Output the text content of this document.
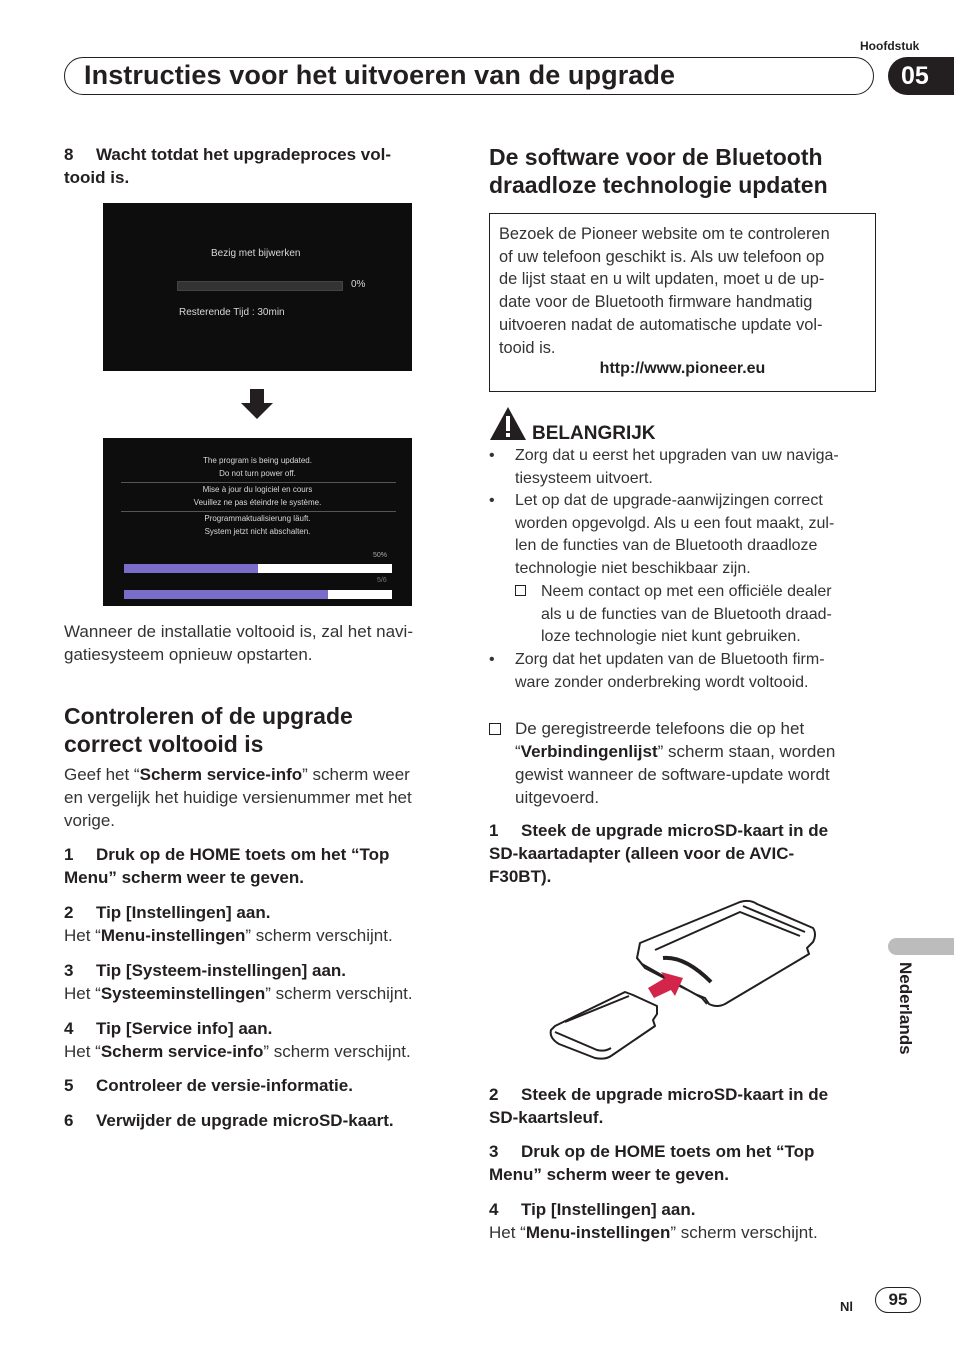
Hoofdstuk
Instructies voor het uitvoeren van de upgrade	05
8 Wacht totdat het upgradeproces vol-
tooid is.
Bezig met bijwerken
0%
Resterende Tijd : 30min
The program is being updated.
Do not turn power off.
Mise à jour du logiciel en cours
Veuillez ne pas éteindre le système.
Programmaktualisierung läuft.
System jetzt nicht abschalten.
50%
5/6
Wanneer de installatie voltooid is, zal het navi-
gatiesysteem opnieuw opstarten.
Controleren of de upgrade
correct voltooid is
Geef het “Scherm service-info” scherm weer
en vergelijk het huidige versienummer met het
vorige.
1 Druk op de HOME toets om het “Top
Menu” scherm weer te geven.
2 Tip [Instellingen] aan.
Het “Menu-instellingen” scherm verschijnt.
3 Tip [Systeem-instellingen] aan.
Het “Systeeminstellingen” scherm verschijnt.
4 Tip [Service info] aan.
Het “Scherm service-info” scherm verschijnt.
5 Controleer de versie-informatie.
6 Verwijder de upgrade microSD-kaart.
De software voor de Bluetooth
draadloze technologie updaten
Bezoek de Pioneer website om te controleren
of uw telefoon geschikt is. Als uw telefoon op
de lijst staat en u wilt updaten, moet u de up-
date voor de Bluetooth firmware handmatig
uitvoeren nadat de automatische update vol-
tooid is.
http://www.pioneer.eu
BELANGRIJK
• Zorg dat u eerst het upgraden van uw naviga-
tiesysteem uitvoert.
• Let op dat de upgrade-aanwijzingen correct
worden opgevolgd. Als u een fout maakt, zul-
len de functies van de Bluetooth draadloze
technologie niet beschikbaar zijn.
Neem contact op met een officiële dealer
als u de functies van de Bluetooth draad-
loze technologie niet kunt gebruiken.
• Zorg dat het updaten van de Bluetooth firm-
ware zonder onderbreking wordt voltooid.
De geregistreerde telefoons die op het
“Verbindingenlijst” scherm staan, worden
gewist wanneer de software-update wordt
uitgevoerd.
1 Steek de upgrade microSD-kaart in de
SD-kaartadapter (alleen voor de AVIC-
F30BT).
2 Steek de upgrade microSD-kaart in de
SD-kaartsleuf.
3 Druk op de HOME toets om het “Top
Menu” scherm weer te geven.
4 Tip [Instellingen] aan.
Het “Menu-instellingen” scherm verschijnt.
Nederlands
Nl	95
